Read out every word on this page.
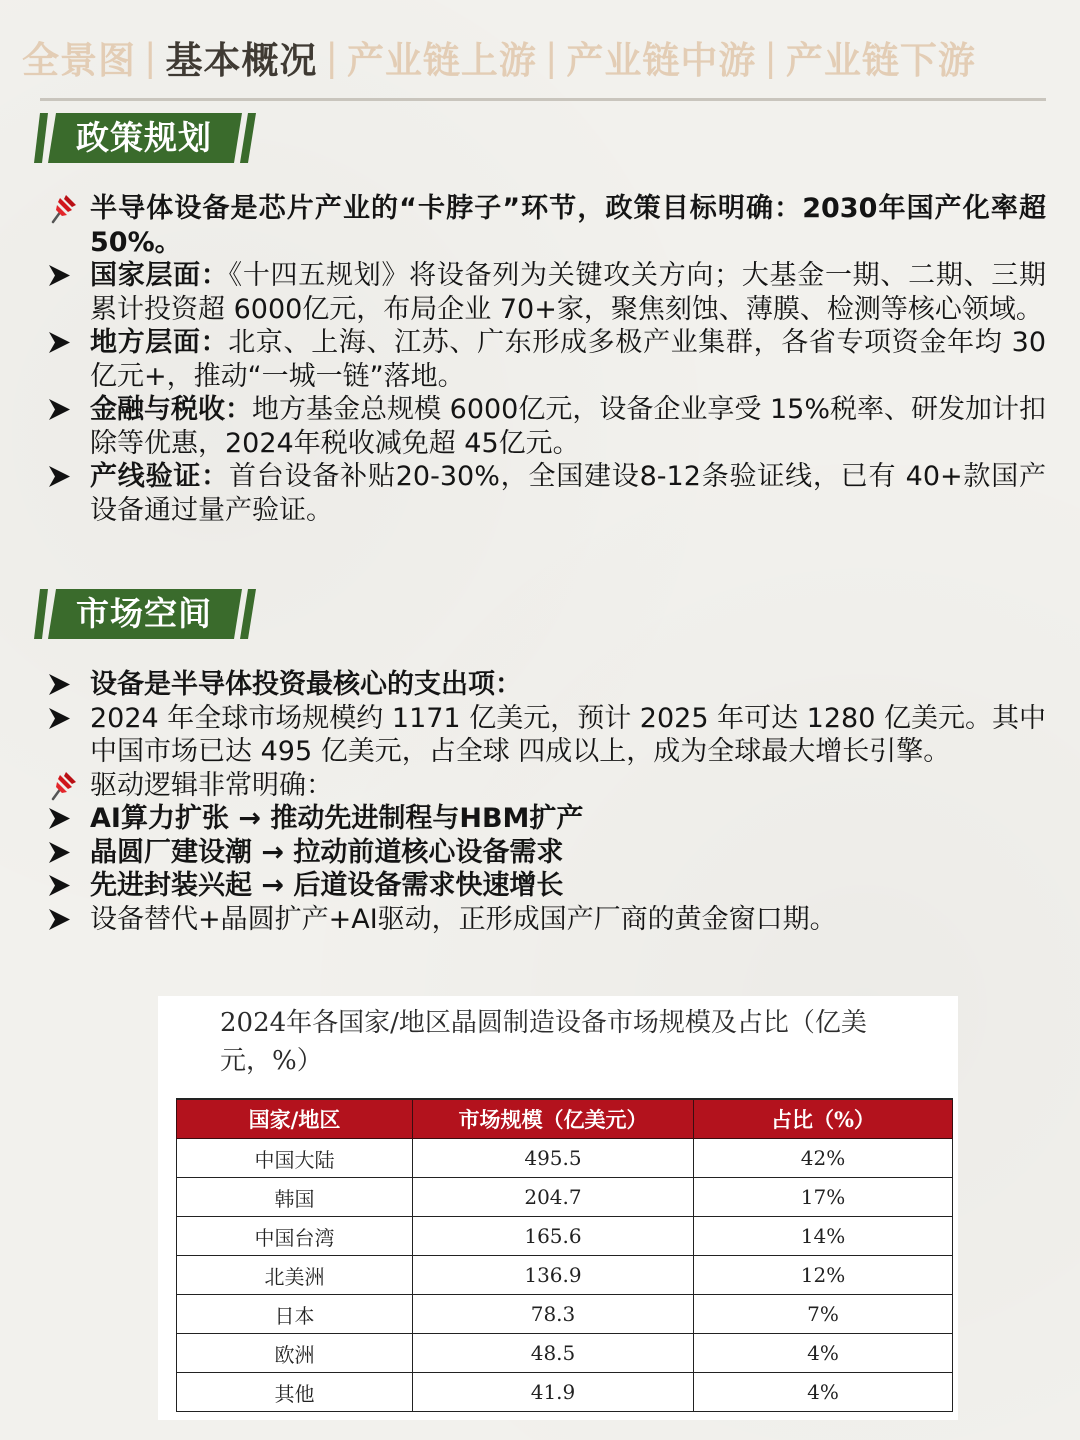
全景图 | 基本概况 | 产业链上游 | 产业链中游 | 产业链下游
政策规划
半导体设备是芯片产业的“卡脖子”环节，政策目标明确：2030年国产化率超50%。
国家层面：《十四五规划》将设备列为关键攻关方向；大基金一期、二期、三期累计投资超 6000亿元，布局企业 70+家，聚焦刻蚀、薄膜、检测等核心领域。
地方层面：北京、上海、江苏、广东形成多极产业集群，各省专项资金年均 30亿元+，推动“一城一链”落地。
金融与税收：地方基金总规模 6000亿元，设备企业享受 15%税率、研发加计扣除等优惠，2024年税收减免超 45亿元。
产线验证：首台设备补贴20-30%，全国建设8-12条验证线，已有 40+款国产设备通过量产验证。
市场空间
设备是半导体投资最核心的支出项：
2024 年全球市场规模约 1171 亿美元，预计 2025 年可达 1280 亿美元。其中中国市场已达 495 亿美元，占全球 四成以上，成为全球最大增长引擎。
驱动逻辑非常明确：
AI算力扩张 → 推动先进制程与HBM扩产
晶圆厂建设潮 → 拉动前道核心设备需求
先进封装兴起 → 后道设备需求快速增长
设备替代+晶圆扩产+AI驱动，正形成国产厂商的黄金窗口期。
2024年各国家/地区晶圆制造设备市场规模及占比（亿美元，%）
国家/地区	市场规模（亿美元）	占比（%）
中国大陆	495.5	42%
韩国	204.7	17%
中国台湾	165.6	14%
北美洲	136.9	12%
日本	78.3	7%
欧洲	48.5	4%
其他	41.9	4%
